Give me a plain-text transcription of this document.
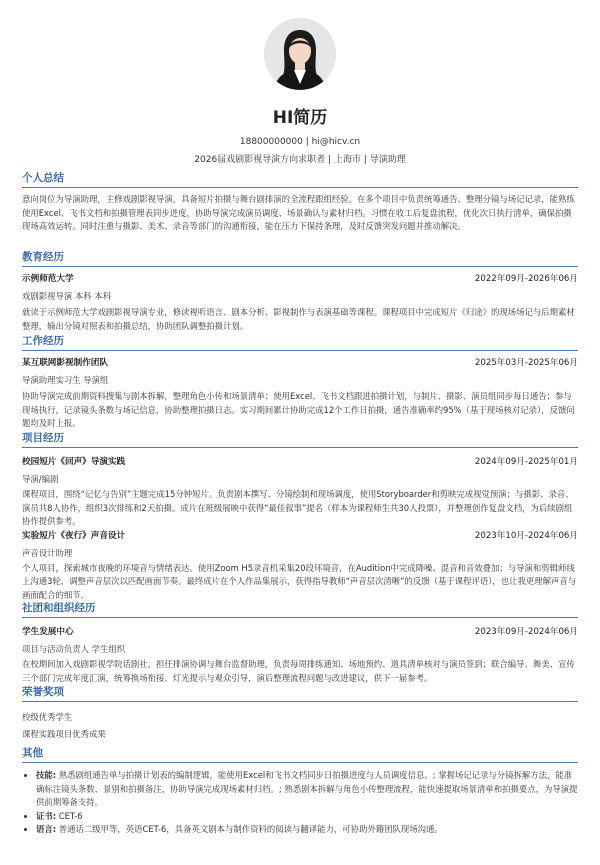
HI简历
18800000000 | hi@hicv.cn
2026届戏剧影视导演方向求职者 | 上海市 | 导演助理
个人总结
意向岗位为导演助理，主修戏剧影视导演，具备短片拍摄与舞台剧排演的全流程跟组经验。在多个项目中负责统筹通告、整理分镜与场记记录，能熟练使用Excel、飞书文档和拍摄管理表同步进度，协助导演完成演员调度、场景确认与素材归档。习惯在收工后复盘流程，优化次日执行清单，确保拍摄现场高效运转。同时注重与摄影、美术、录音等部门的沟通衔接，能在压力下保持条理，及时反馈突发问题并推动解决。
教育经历
示例师范大学	2022年09月-2026年06月
戏剧影视导演 本科 本科
就读于示例师范大学戏剧影视导演专业，修读视听语言、剧本分析、影视制作与表演基础等课程。课程项目中完成短片《归途》的现场场记与后期素材整理，输出分镜对照表和拍摄总结，协助团队调整拍摄计划。
工作经历
某互联网影视制作团队	2025年03月-2025年06月
导演助理实习生 导演组
协助导演完成前期资料搜集与剧本拆解，整理角色小传和场景清单；使用Excel、飞书文档跟进拍摄计划，与制片、摄影、演员组同步每日通告；参与现场执行，记录镜头条数与场记信息，协助整理拍摄日志。实习期间累计协助完成12个工作日拍摄，通告准确率约95%（基于现场核对记录），反馈问题均及时上报。
项目经历
校园短片《回声》导演实践	2024年09月-2025年01月
导演/编剧
课程项目，围绕“记忆与告别”主题完成15分钟短片。负责剧本撰写、分镜绘制和现场调度，使用Storyboarder和剪映完成视觉预演；与摄影、录音、演员共8人协作，组织3次排练和2天拍摄。成片在班级展映中获得“最佳叙事”提名（样本为课程师生共30人投票），并整理创作复盘文档，为后续剧组协作提供参考。
实验短片《夜行》声音设计	2023年10月-2024年06月
声音设计助理
个人项目，探索城市夜晚的环境音与情绪表达。使用Zoom H5录音机采集20段环境音，在Audition中完成降噪、混音和音效叠加；与导演和剪辑师线上沟通3轮，调整声音层次以匹配画面节奏。最终成片在个人作品集展示，获得指导教师“声音层次清晰”的反馈（基于课程评语），也让我更理解声音与画面配合的细节。
社团和组织经历
学生发展中心	2023年09月-2024年06月
项目与活动负责人 学生组织
在校期间加入戏剧影视学院话剧社，担任排演协调与舞台监督助理，负责每周排练通知、场地预约、道具清单核对与演员签到；联合编导、舞美、宣传三个部门完成年度汇演，统筹换场衔接、灯光提示与观众引导，演后整理流程问题与改进建议，供下一届参考。
荣誉奖项
校级优秀学生
课程实践项目优秀成果
其他
• 技能: 熟悉剧组通告单与拍摄计划表的编制逻辑，能使用Excel和飞书文档同步日拍摄进度与人员调度信息。; 掌握场记记录与分镜拆解方法，能准确标注镜头条数、景别和拍摄备注，协助导演完成现场素材归档。; 熟悉剧本拆解与角色小传整理流程，能快速提取场景清单和拍摄要点，为导演提供前期筹备支持。
• 证书: CET-6
• 语言: 普通话二级甲等，英语CET-6，具备英文剧本与制作资料的阅读与翻译能力，可协助外籍团队现场沟通。
